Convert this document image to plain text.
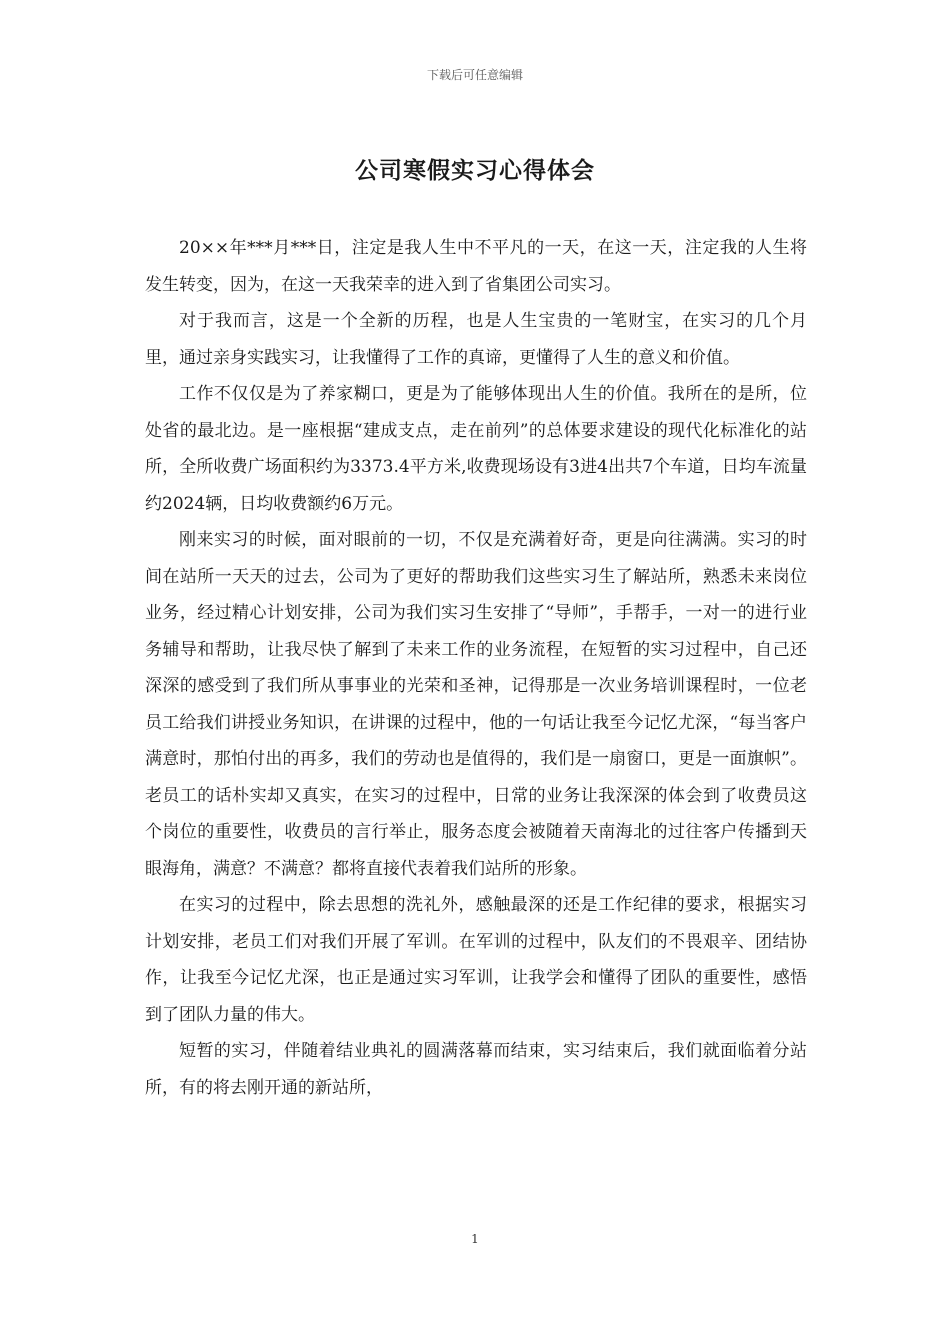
下载后可任意编辑
公司寒假实习心得体会

20××年***月***日，注定是我人生中不平凡的一天，在这一天，注定我的人生将发生转变，因为，在这一天我荣幸的进入到了省集团公司实习。

对于我而言，这是一个全新的历程，也是人生宝贵的一笔财宝，在实习的几个月里，通过亲身实践实习，让我懂得了工作的真谛，更懂得了人生的意义和价值。

工作不仅仅是为了养家糊口，更是为了能够体现出人生的价值。我所在的是所，位处省的最北边。是一座根据“建成支点，走在前列”的总体要求建设的现代化标准化的站所，全所收费广场面积约为3373.4平方米,收费现场设有3进4出共7个车道，日均车流量约2024辆，日均收费额约6万元。

刚来实习的时候，面对眼前的一切，不仅是充满着好奇，更是向往满满。实习的时间在站所一天天的过去，公司为了更好的帮助我们这些实习生了解站所，熟悉未来岗位业务，经过精心计划安排，公司为我们实习生安排了“导师”，手帮手，一对一的进行业务辅导和帮助，让我尽快了解到了未来工作的业务流程，在短暂的实习过程中，自己还深深的感受到了我们所从事事业的光荣和圣神，记得那是一次业务培训课程时，一位老员工给我们讲授业务知识，在讲课的过程中，他的一句话让我至今记忆尤深，“每当客户满意时，那怕付出的再多，我们的劳动也是值得的，我们是一扇窗口，更是一面旗帜”。老员工的话朴实却又真实，在实习的过程中，日常的业务让我深深的体会到了收费员这个岗位的重要性，收费员的言行举止，服务态度会被随着天南海北的过往客户传播到天眼海角，满意？不满意？都将直接代表着我们站所的形象。

在实习的过程中，除去思想的洗礼外，感触最深的还是工作纪律的要求，根据实习计划安排，老员工们对我们开展了军训。在军训的过程中，队友们的不畏艰辛、团结协作，让我至今记忆尤深，也正是通过实习军训，让我学会和懂得了团队的重要性，感悟到了团队力量的伟大。

短暂的实习，伴随着结业典礼的圆满落幕而结束，实习结束后，我们就面临着分站所，有的将去刚开通的新站所，

1
